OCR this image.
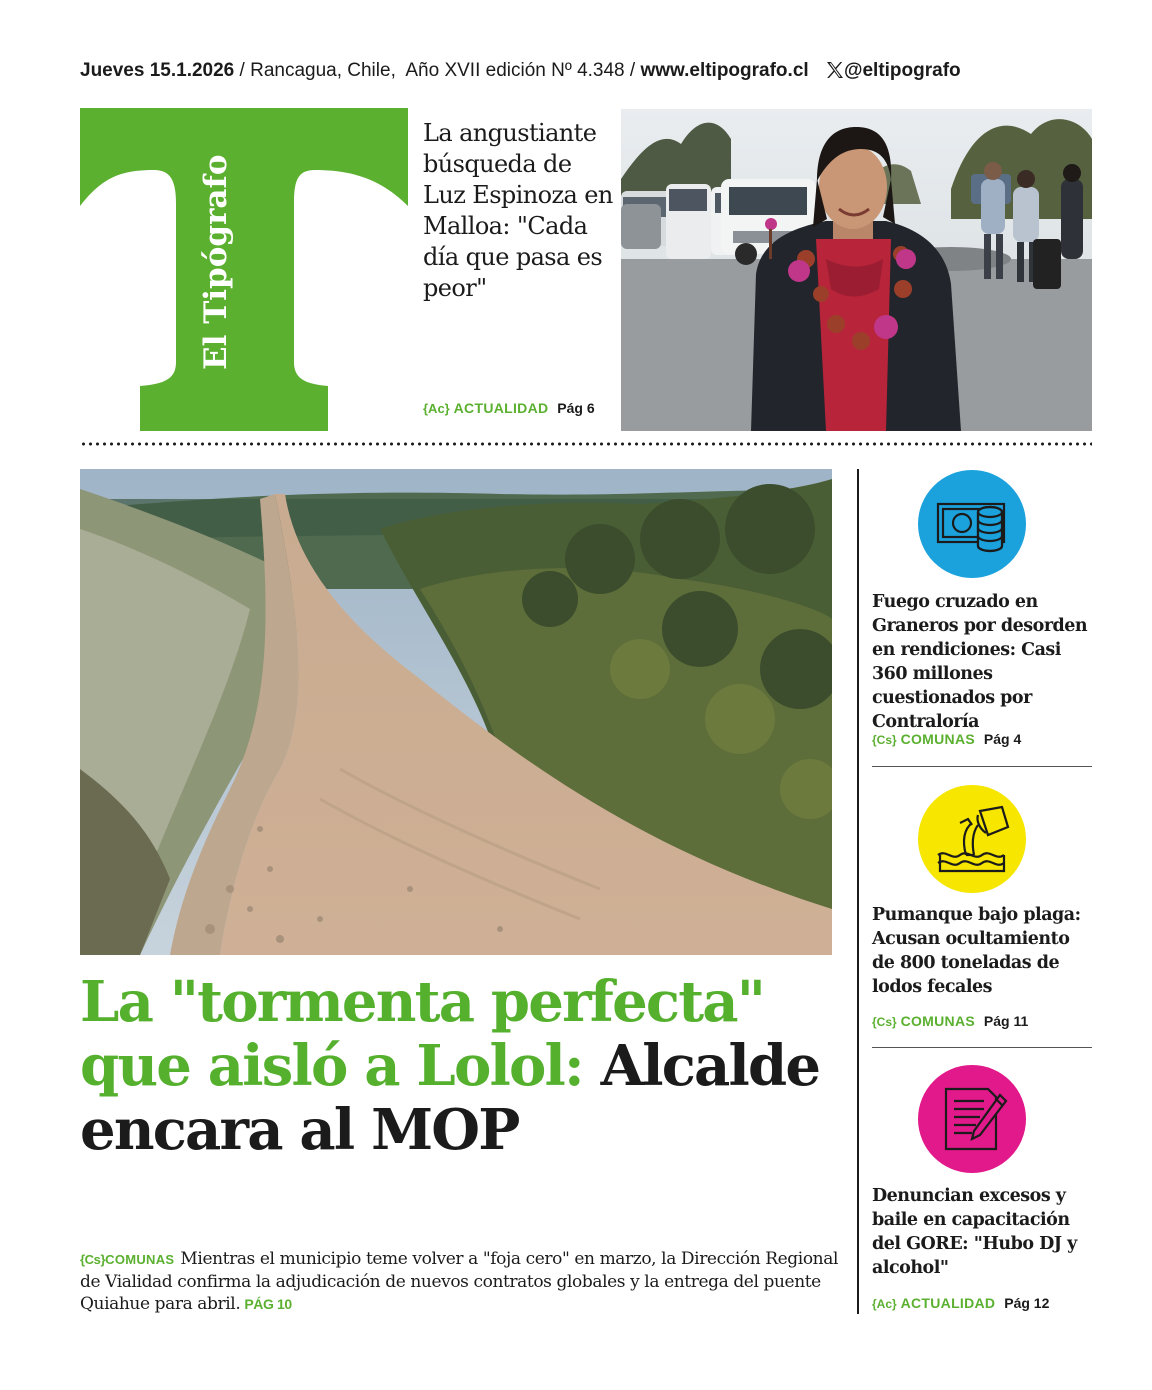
Jueves 15.1.2026 / Rancagua, Chile,  Año XVII edición Nº 4.348 / www.eltipografo.cl @eltipografo
El Tipógrafo
La angustiante búsqueda de Luz Espinoza en Malloa: "Cada día que pasa es peor"
{Ac} ACTUALIDAD Pág 6
La "tormenta perfecta" que aisló a Lolol: Alcalde encara al MOP
{Cs}COMUNAS Mientras el municipio teme volver a "foja cero" en marzo, la Dirección Regional de Vialidad confirma la adjudicación de nuevos contratos globales y la entrega del puente Quiahue para abril. PÁG 10
Fuego cruzado en Graneros por desorden en rendiciones: Casi 360 millones cuestionados por Contraloría
{Cs} COMUNAS Pág 4
Pumanque bajo plaga: Acusan ocultamiento de 800 toneladas de lodos fecales
{Cs} COMUNAS Pág 11
Denuncian excesos y baile en capacitación del GORE: "Hubo DJ y alcohol"
{Ac} ACTUALIDAD Pág 12
